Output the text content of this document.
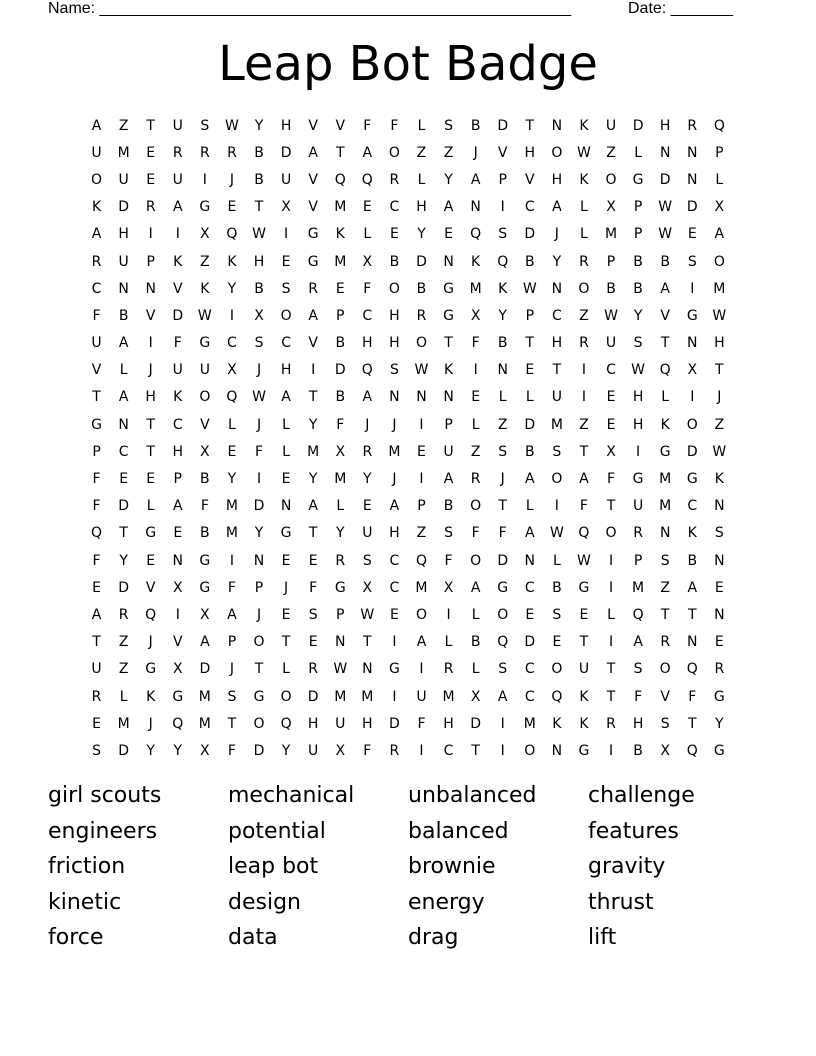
Name: _____________________________________________________	Date: _______
Leap Bot Badge
A	Z	T	U	S	W	Y	H	V	V	F	F	L	S	B	D	T	N	K	U	D	H	R	Q
U	M	E	R	R	R	B	D	A	T	A	O	Z	Z	J	V	H	O	W	Z	L	N	N	P
O	U	E	U	I	J	B	U	V	Q	Q	R	L	Y	A	P	V	H	K	O	G	D	N	L
K	D	R	A	G	E	T	X	V	M	E	C	H	A	N	I	C	A	L	X	P	W	D	X
A	H	I	I	X	Q	W	I	G	K	L	E	Y	E	Q	S	D	J	L	M	P	W	E	A
R	U	P	K	Z	K	H	E	G	M	X	B	D	N	K	Q	B	Y	R	P	B	B	S	O
C	N	N	V	K	Y	B	S	R	E	F	O	B	G	M	K	W	N	O	B	B	A	I	M
F	B	V	D	W	I	X	O	A	P	C	H	R	G	X	Y	P	C	Z	W	Y	V	G	W
U	A	I	F	G	C	S	C	V	B	H	H	O	T	F	B	T	H	R	U	S	T	N	H
V	L	J	U	U	X	J	H	I	D	Q	S	W	K	I	N	E	T	I	C	W	Q	X	T
T	A	H	K	O	Q	W	A	T	B	A	N	N	N	E	L	L	U	I	E	H	L	I	J
G	N	T	C	V	L	J	L	Y	F	J	J	I	P	L	Z	D	M	Z	E	H	K	O	Z
P	C	T	H	X	E	F	L	M	X	R	M	E	U	Z	S	B	S	T	X	I	G	D	W
F	E	E	P	B	Y	I	E	Y	M	Y	J	I	A	R	J	A	O	A	F	G	M	G	K
F	D	L	A	F	M	D	N	A	L	E	A	P	B	O	T	L	I	F	T	U	M	C	N
Q	T	G	E	B	M	Y	G	T	Y	U	H	Z	S	F	F	A	W	Q	O	R	N	K	S
F	Y	E	N	G	I	N	E	E	R	S	C	Q	F	O	D	N	L	W	I	P	S	B	N
E	D	V	X	G	F	P	J	F	G	X	C	M	X	A	G	C	B	G	I	M	Z	A	E
A	R	Q	I	X	A	J	E	S	P	W	E	O	I	L	O	E	S	E	L	Q	T	T	N
T	Z	J	V	A	P	O	T	E	N	T	I	A	L	B	Q	D	E	T	I	A	R	N	E
U	Z	G	X	D	J	T	L	R	W	N	G	I	R	L	S	C	O	U	T	S	O	Q	R
R	L	K	G	M	S	G	O	D	M	M	I	U	M	X	A	C	Q	K	T	F	V	F	G
E	M	J	Q	M	T	O	Q	H	U	H	D	F	H	D	I	M	K	K	R	H	S	T	Y
S	D	Y	Y	X	F	D	Y	U	X	F	R	I	C	T	I	O	N	G	I	B	X	Q	G
girl scouts	mechanical	unbalanced	challenge
engineers	potential	balanced	features
friction	leap bot	brownie	gravity
kinetic	design	energy	thrust
force	data	drag	lift
